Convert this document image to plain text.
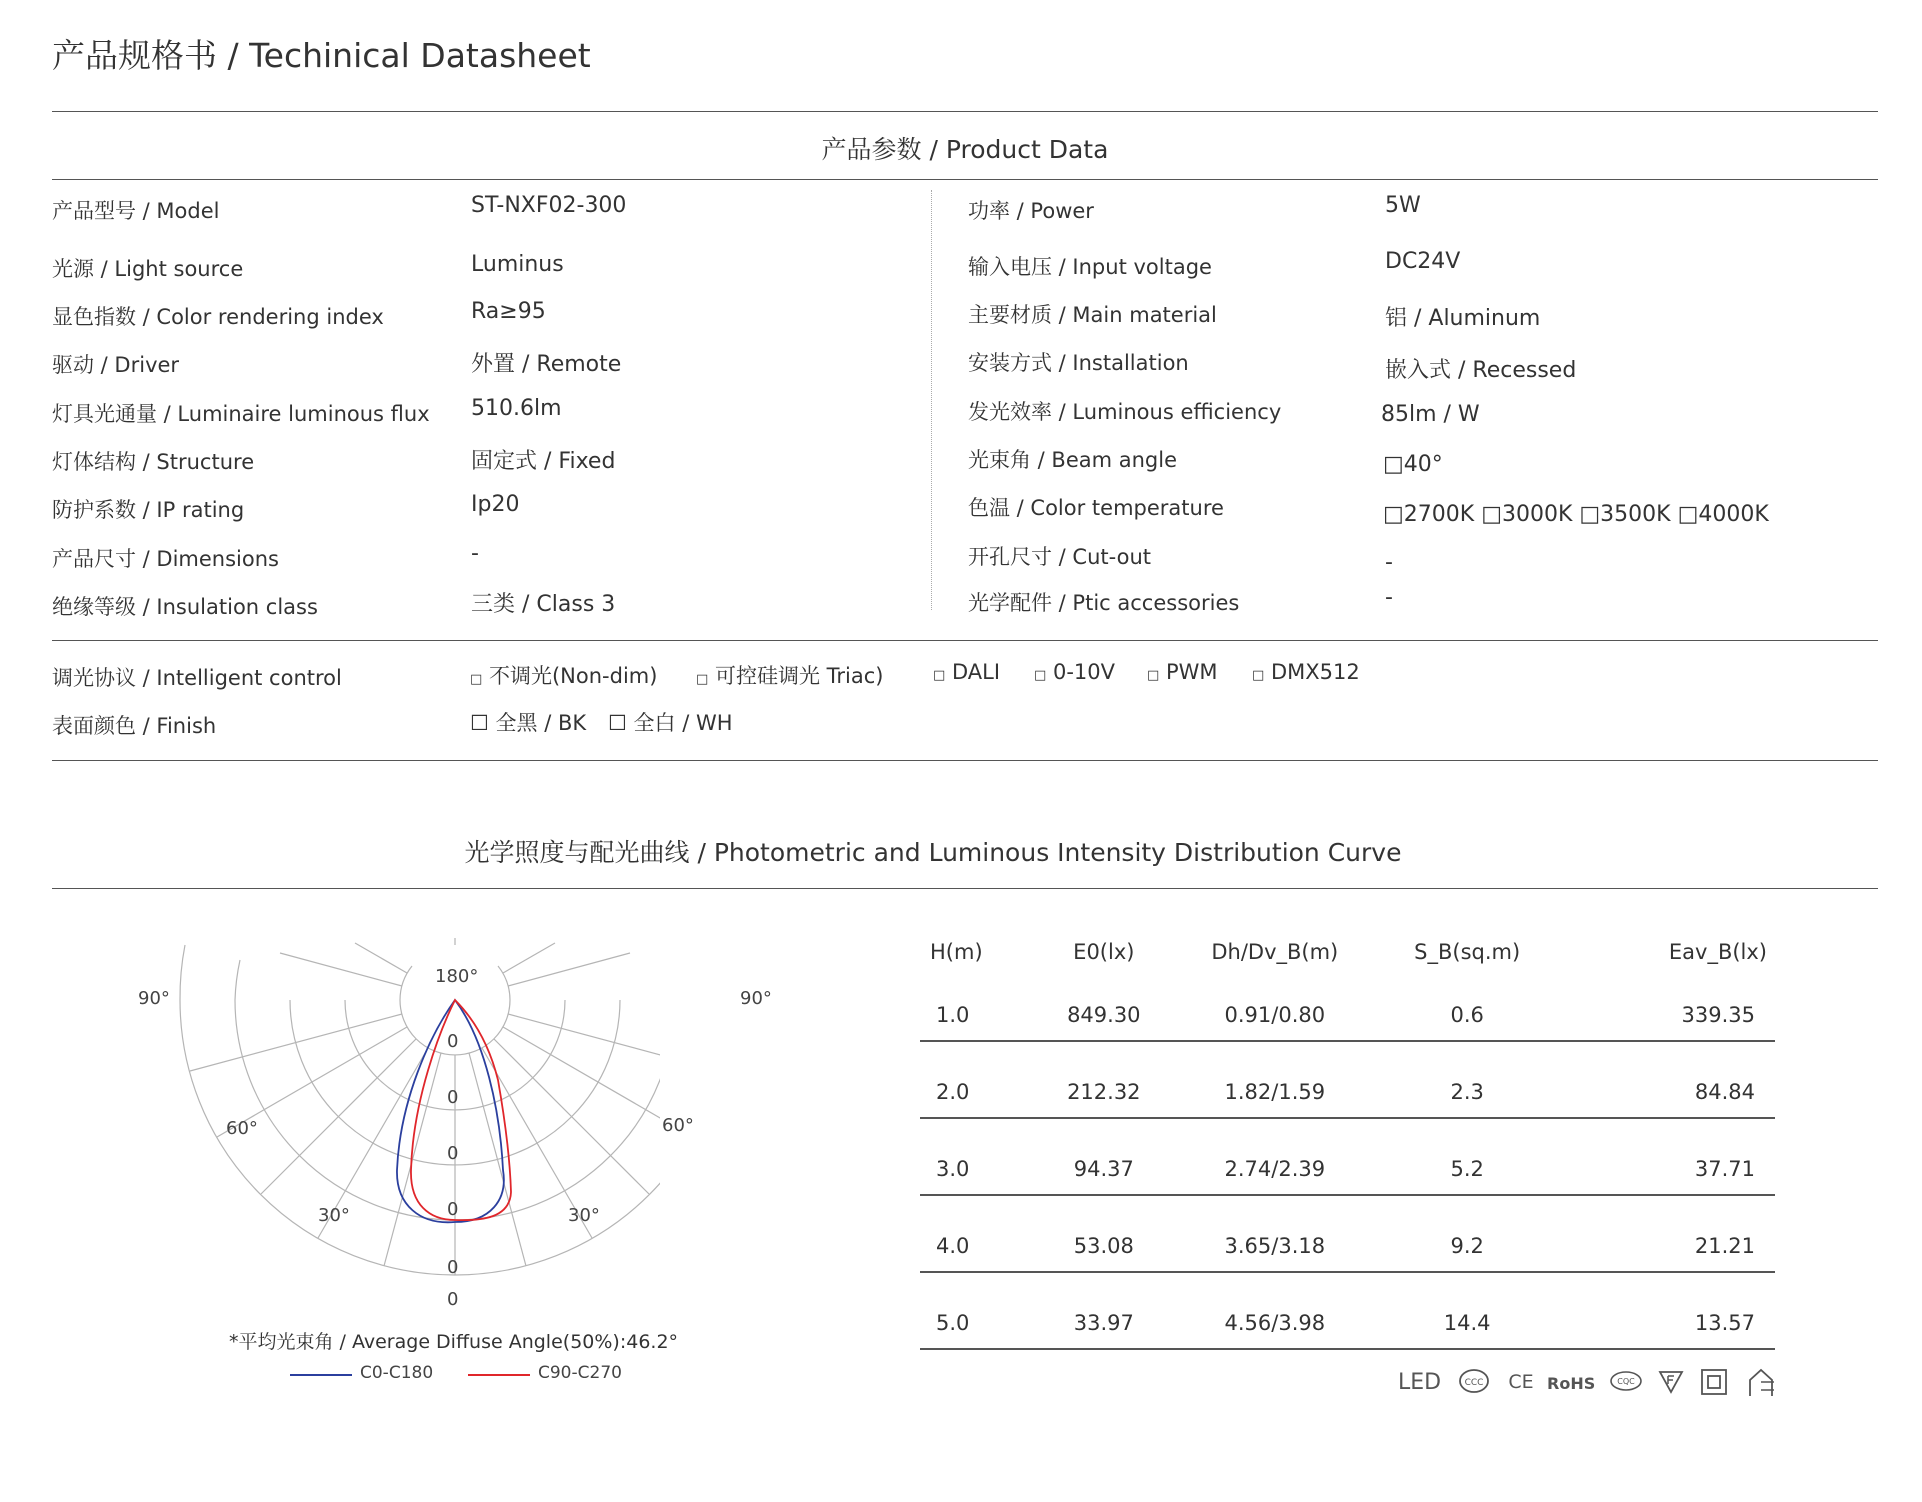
产品规格书 / Techinical Datasheet
产品参数 / Product Data
产品型号 / Model	ST-NXF02-300
光源 / Light source	Luminus
显色指数 / Color rendering index	Ra≥95
驱动 / Driver	外置 / Remote
灯具光通量 / Luminaire luminous flux 510.6lm
灯体结构 / Structure	固定式 / Fixed
防护系数 / IP rating	Ip20
产品尺寸 / Dimensions	-
绝缘等级 / Insulation class	三类 / Class 3
功率 / Power	5W
输入电压 / Input voltage	DC24V
主要材质 / Main material	铝 / Aluminum
安装方式 / Installation	嵌入式 / Recessed
发光效率 / Luminous efficiency	85lm / W
光束角 / Beam angle	□40°
色温 / Color temperature	□2700K □3000K □3500K □4000K
开孔尺寸 / Cut-out	-
光学配件 / Ptic accessories	-
调光协议 / Intelligent control	□ 不调光(Non-dim)	□ 可控硅调光 Triac)	□ DALI	□ 0-10V □ PWM	□ DMX512
表面颜色 / Finish	☐ 全黑 / BK ☐ 全白 / WH
光学照度与配光曲线 / Photometric and Luminous Intensity Distribution Curve
180°
90°	90°
60°	60°
30°	30°
0
0
0
0
0
0
*平均光束角 / Average Diffuse Angle(50%):46.2°
C0-C180	C90-C270
H(m)	E0(lx)	Dh/Dv_B(m)	S_B(sq.m)	Eav_B(lx)
1.0	849.30	0.91/0.80	0.6	339.35

2.0	212.32	1.82/1.59	2.3	84.84

3.0	94.37	2.74/2.39	5.2	37.71

4.0	53.08	3.65/3.18	9.2	21.21

5.0	33.97	4.56/3.98	14.4	13.57
LED	CCC CE RoHS	CQC
